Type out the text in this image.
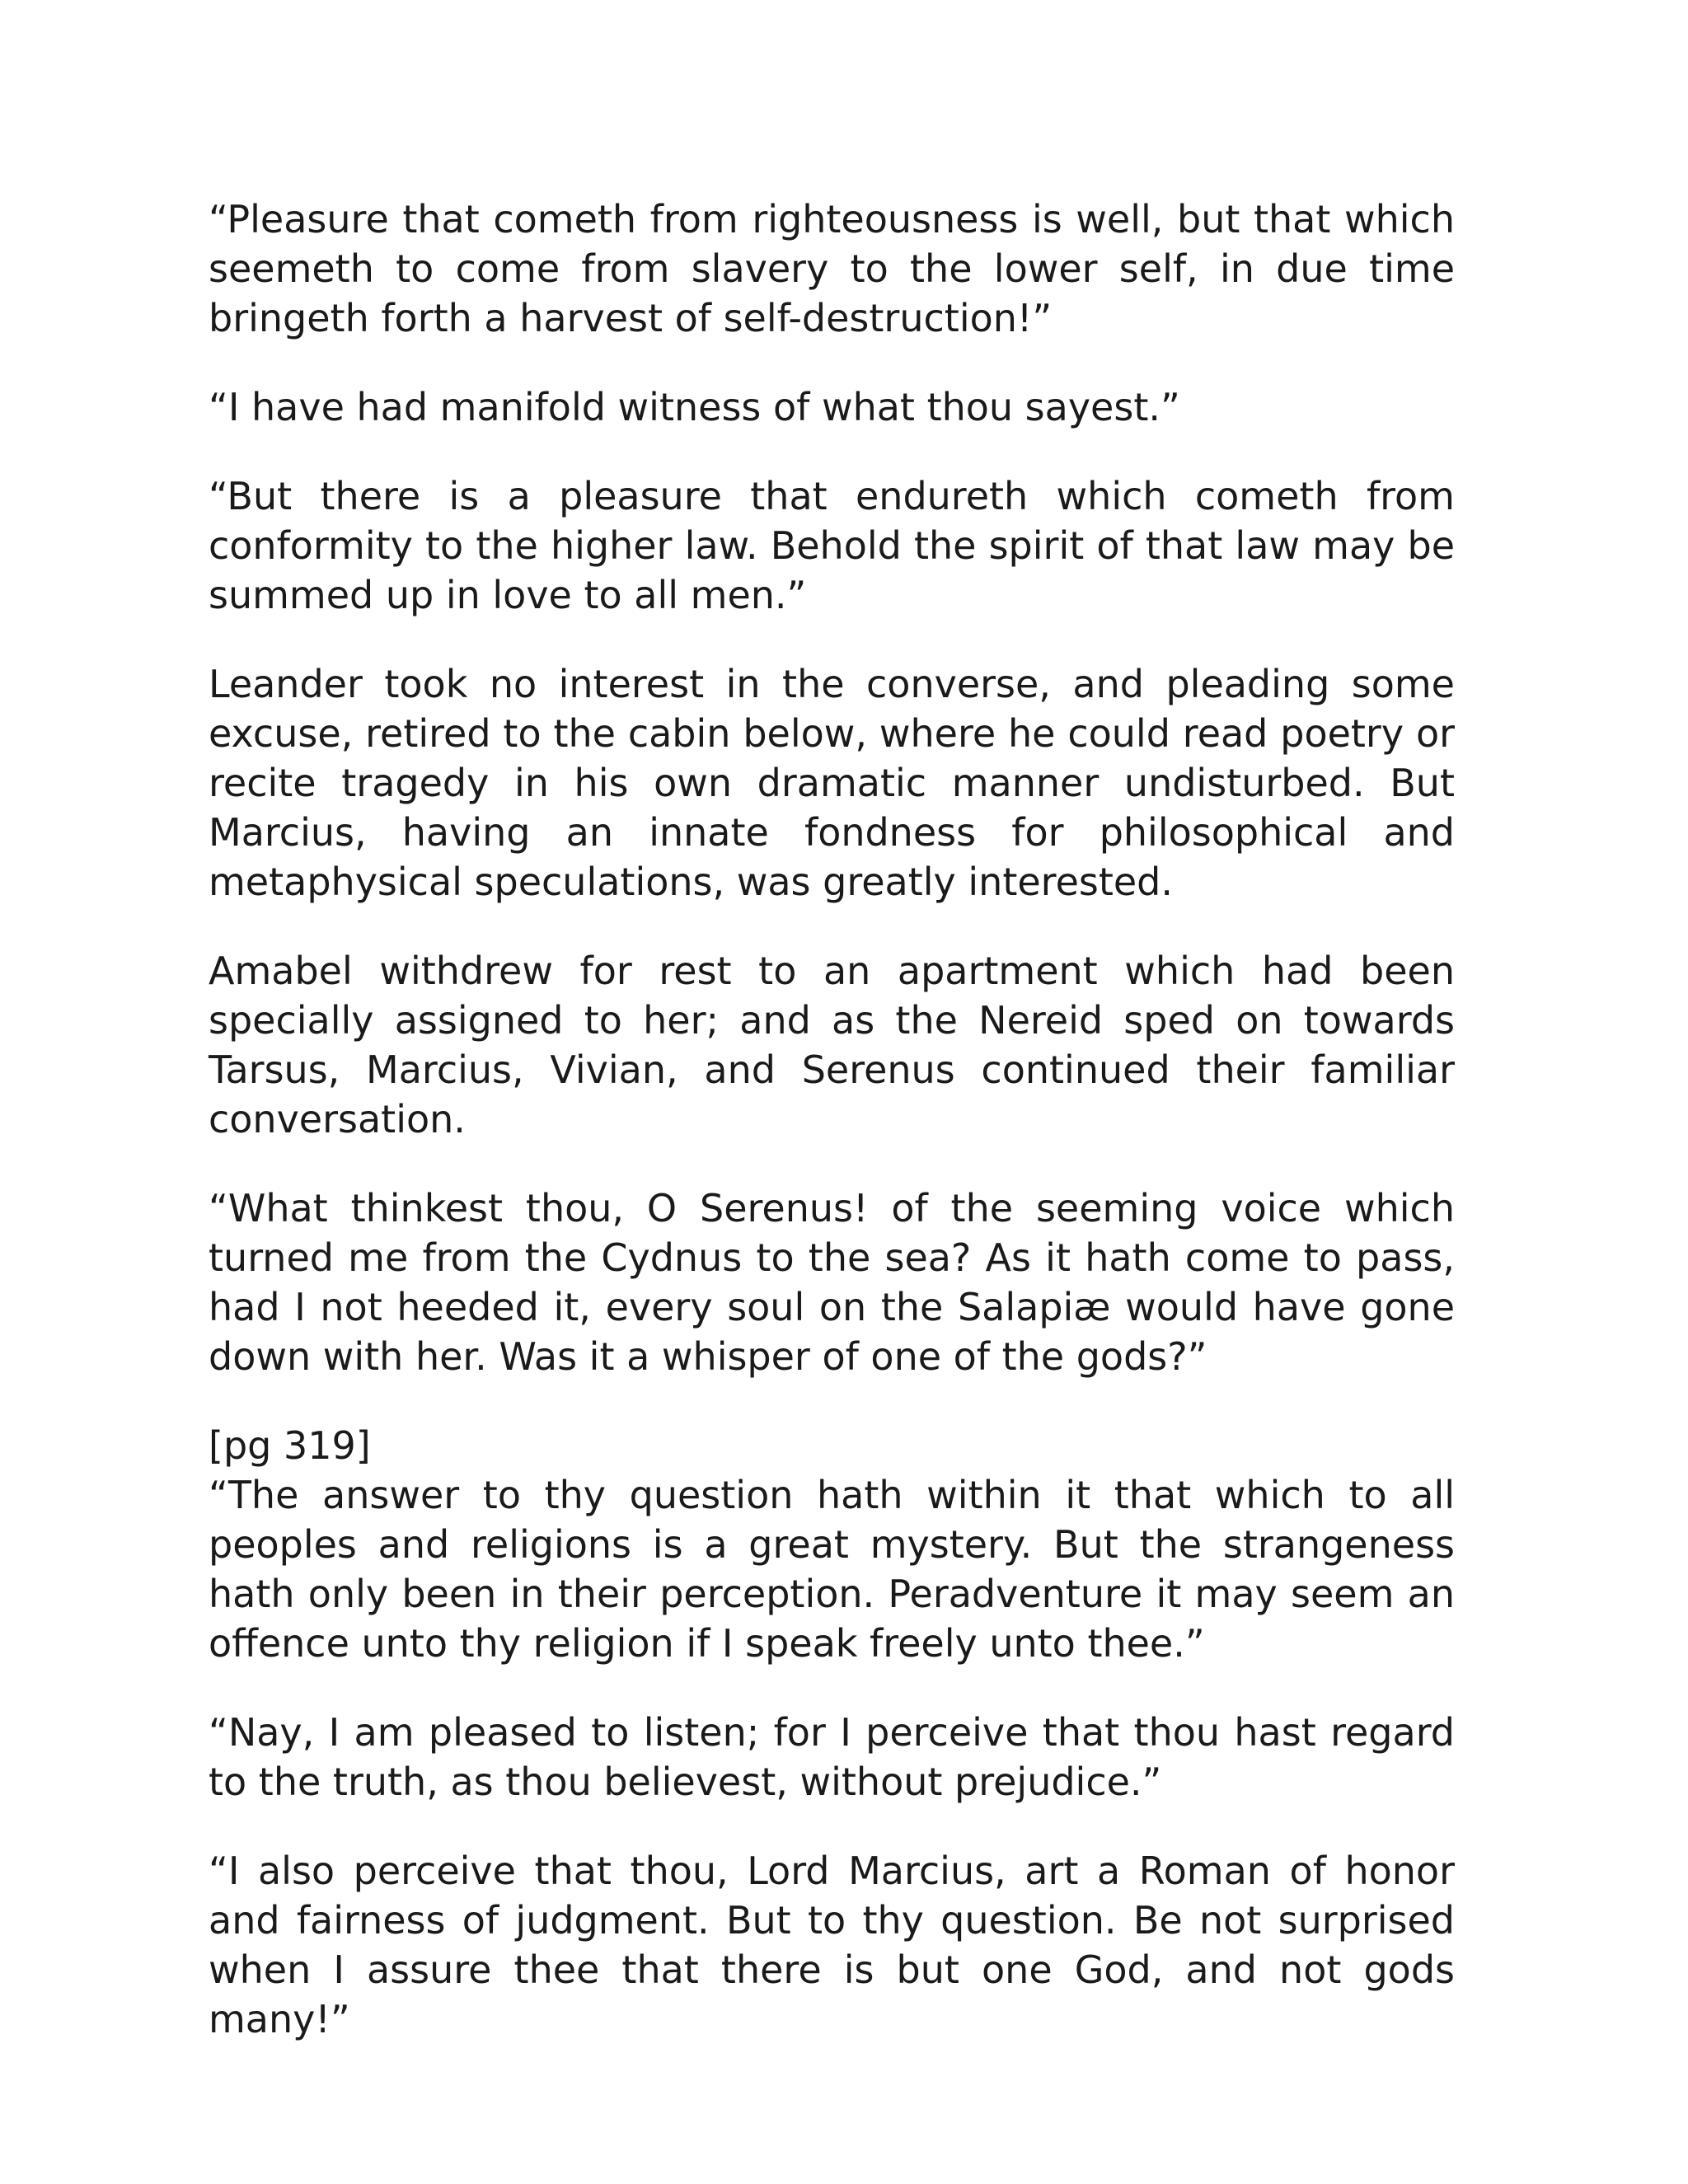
“Pleasure that cometh from righteousness is well, but that which seemeth to come from slavery to the lower self, in due time bringeth forth a harvest of self-destruction!”

“I have had manifold witness of what thou sayest.”

“But there is a pleasure that endureth which cometh from conformity to the higher law. Behold the spirit of that law may be summed up in love to all men.”

Leander took no interest in the converse, and pleading some excuse, retired to the cabin below, where he could read poetry or recite tragedy in his own dramatic manner undisturbed. But Marcius, having an innate fondness for philosophical and metaphysical speculations, was greatly interested.

Amabel withdrew for rest to an apartment which had been specially assigned to her; and as the Nereid sped on towards Tarsus, Marcius, Vivian, and Serenus continued their familiar conversation.

“What thinkest thou, O Serenus! of the seeming voice which turned me from the Cydnus to the sea? As it hath come to pass, had I not heeded it, every soul on the Salapiæ would have gone down with her. Was it a whisper of one of the gods?”

[pg 319]

“The answer to thy question hath within it that which to all peoples and religions is a great mystery. But the strangeness hath only been in their perception. Peradventure it may seem an offence unto thy religion if I speak freely unto thee.”

“Nay, I am pleased to listen; for I perceive that thou hast regard to the truth, as thou believest, without prejudice.”

“I also perceive that thou, Lord Marcius, art a Roman of honor and fairness of judgment. But to thy question. Be not surprised when I assure thee that there is but one God, and not gods many!”
